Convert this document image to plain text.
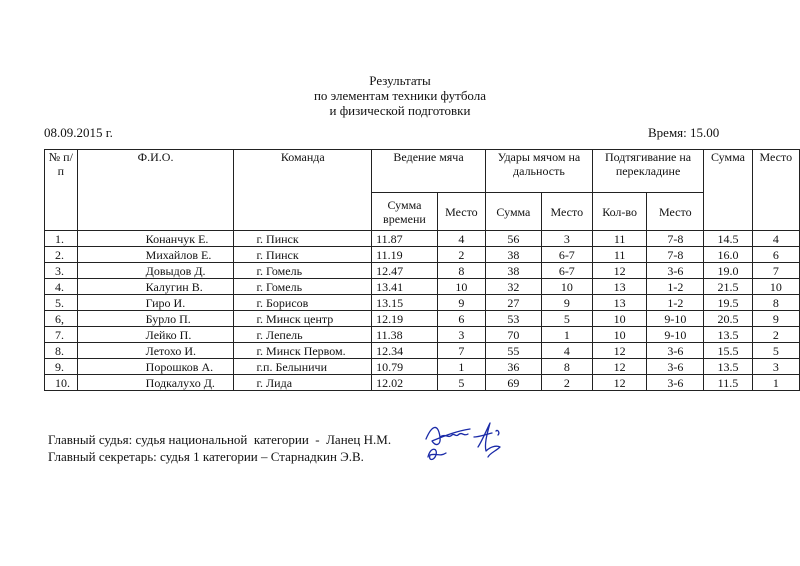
Результаты
по элементам техники футбола
и физической подготовки
08.09.2015 г.	Время: 15.00
№ п/п	Ф.И.О.	Команда	Ведение мяча		Удары мячом на дальность		Подтягивание на перекладине		Сумма	Место
			Сумма времени	Место	Сумма	Место	Кол-во	Место		
1.	Конанчук Е.	г. Пинск	11.87	4	56	3	11	7-8	14.5	4
2.	Михайлов Е.	г. Пинск	11.19	2	38	6-7	11	7-8	16.0	6
3.	Довыдов Д.	г. Гомель	12.47	8	38	6-7	12	3-6	19.0	7
4.	Калугин В.	г. Гомель	13.41	10	32	10	13	1-2	21.5	10
5.	Гиро И.	г. Борисов	13.15	9	27	9	13	1-2	19.5	8
6,	Бурло П.	г. Минск центр	12.19	6	53	5	10	9-10	20.5	9
7.	Лейко П.	г. Лепель	11.38	3	70	1	10	9-10	13.5	2
8.	Летохо И.	г. Минск Первом.	12.34	7	55	4	12	3-6	15.5	5
9.	Порошков А.	г.п. Белыничи	10.79	1	36	8	12	3-6	13.5	3
10.	Подкалухо Д.	г. Лида	12.02	5	69	2	12	3-6	11.5	1
Главный судья: судья национальной  категории  -  Ланец Н.М.
Главный секретарь: судья 1 категории – Старнадкин Э.В.
